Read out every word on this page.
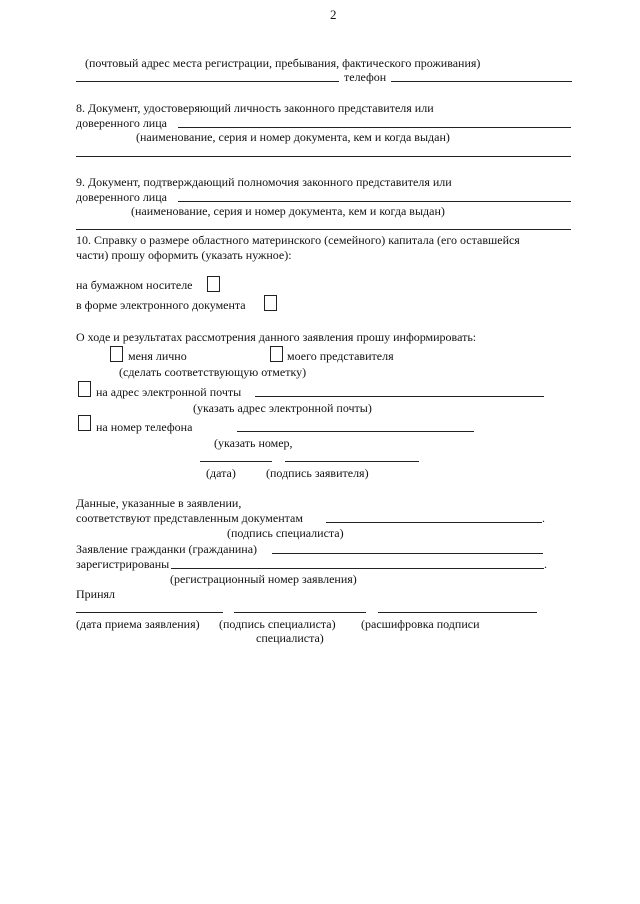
2
(почтовый адрес места регистрации, пребывания, фактического проживания)
телефон
8. Документ, удостоверяющий личность законного представителя или
доверенного лица
(наименование, серия и номер документа, кем и когда выдан)
9. Документ, подтверждающий полномочия законного представителя или
доверенного лица
(наименование, серия и номер документа, кем и когда выдан)
10. Справку о размере областного материнского (семейного) капитала (его оставшейся
части) прошу оформить (указать нужное):
на бумажном носителе
в форме электронного документа
О ходе и результатах рассмотрения данного заявления прошу информировать:
меня лично	моего представителя
(сделать соответствующую отметку)
на адрес электронной почты
(указать адрес электронной почты)
на номер телефона
(указать номер,
(дата)	(подпись заявителя)
Данные, указанные в заявлении,
соответствуют представленным документам	.
(подпись специалиста)
Заявление гражданки (гражданина)
зарегистрированы	.
(регистрационный номер заявления)
Принял
(дата приема заявления) (подпись специалиста) (расшифровка подписи
специалиста)
